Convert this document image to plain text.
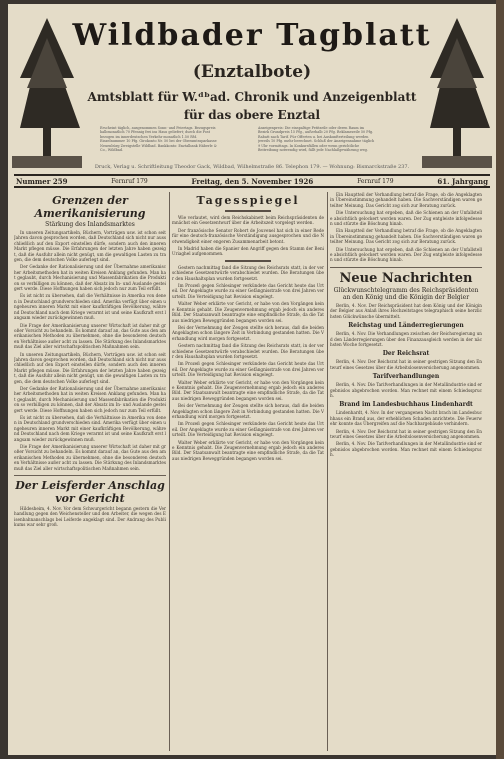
Wildbader Tagblatt
(Enztalbote)
Amtsblatt für W.ᵈᵇad. Chronik und Anzeigenblatt
für das obere Enztal
Erscheint täglich, ausgenommen Sonn- und Feiertags. Bezugspreis halbmonatlich 70 Pfennig frei ins Haus geliefert; durch die Post bezogen im innerdeutschen Verkehr monatlich 1.50 RM. Einzelnummer 10 Pfg. Girokonto Nr. 50 bei der Oberamtssparkasse Neuenbürg Zweigstelle Wildbad. Bankkonto: Enztalbank Häberle & Co., Wildbad.
Anzeigenpreis: Die einspaltige Petitzeile oder deren Raum im Bezirk Grundpreis 15 Pfg., außerhalb 20 Pfg. Reklamezeile 50 Pfg. Rabatt nach Tarif. Für Offerten u. bei Auskunfterteilung werden jeweils 10 Pfg. mehr berechnet. Schluß der Anzeigennahme täglich 9 Uhr vormittags. In Konkursfällen oder wenn gerichtliche Beitreibung notwendig wird, fällt jede Nachlaßgewährung weg.
Druck, Verlag u. Schriftleitung Theodor Gack, Wildbad, Wilhelmstraße 86. Telephon 179. — Wohnung: Bismarckstraße 237.
Nummer 259	Fernruf 179	Freitag, den 5. November 1926	Fernruf 179	61. Jahrgang
Grenzen der Amerikanisierung
Stärkung des Inlandsmarktes

In unseren Zeitungsartikeln, Büchern, Vorträgen usw. ist schon seit Jahren davon gesprochen worden, daß Deutschland sich nicht nur ausschließlich auf den Export einstellen dürfe, sondern auch den inneren Markt pflegen müsse. Die Erfahrungen der letzten Jahre haben gezeigt, daß die Ausfuhr allein nicht genügt, um die gewaltigen Lasten zu tragen, die dem deutschen Volke auferlegt sind.

Der Gedanke der Rationalisierung und der Übernahme amerikanischer Arbeitsmethoden hat in weiten Kreisen Anklang gefunden. Man hat geglaubt, durch Mechanisierung und Massenfabrikation die Produktion so verbilligen zu können, daß der Absatz im In- und Auslande gesteigert werde. Diese Hoffnungen haben sich jedoch nur zum Teil erfüllt.

Es ist nicht zu übersehen, daß die Verhältnisse in Amerika von denen in Deutschland grundverschieden sind. Amerika verfügt über einen ungeheuren inneren Markt mit einer kaufkräftigen Bevölkerung, während Deutschland nach dem Kriege verarmt ist und seine Kaufkraft erst langsam wieder zurückgewinnen muß.

Die Frage der Amerikanisierung unserer Wirtschaft ist daher mit großer Vorsicht zu behandeln. Es kommt darauf an, das Gute aus den amerikanischen Methoden zu übernehmen, ohne die besonderen deutschen Verhältnisse außer acht zu lassen. Die Stärkung des Inlandsmarktes muß das Ziel aller wirtschaftspolitischen Maßnahmen sein.

In unseren Zeitungsartikeln, Büchern, Vorträgen usw. ist schon seit Jahren davon gesprochen worden, daß Deutschland sich nicht nur ausschließlich auf den Export einstellen dürfe, sondern auch den inneren Markt pflegen müsse. Die Erfahrungen der letzten Jahre haben gezeigt, daß die Ausfuhr allein nicht genügt, um die gewaltigen Lasten zu tragen, die dem deutschen Volke auferlegt sind.

Der Gedanke der Rationalisierung und der Übernahme amerikanischer Arbeitsmethoden hat in weiten Kreisen Anklang gefunden. Man hat geglaubt, durch Mechanisierung und Massenfabrikation die Produktion so verbilligen zu können, daß der Absatz im In- und Auslande gesteigert werde. Diese Hoffnungen haben sich jedoch nur zum Teil erfüllt.

Es ist nicht zu übersehen, daß die Verhältnisse in Amerika von denen in Deutschland grundverschieden sind. Amerika verfügt über einen ungeheuren inneren Markt mit einer kaufkräftigen Bevölkerung, während Deutschland nach dem Kriege verarmt ist und seine Kaufkraft erst langsam wieder zurückgewinnen muß.

Die Frage der Amerikanisierung unserer Wirtschaft ist daher mit großer Vorsicht zu behandeln. Es kommt darauf an, das Gute aus den amerikanischen Methoden zu übernehmen, ohne die besonderen deutschen Verhältnisse außer acht zu lassen. Die Stärkung des Inlandsmarktes muß das Ziel aller wirtschaftspolitischen Maßnahmen sein.

Der Leisferder Anschlag vor Gericht

Hildesheim, 4. Nov. Vor dem Schwurgericht begann gestern die Verhandlung gegen den Weichensteller und den Arbeiter, die wegen des Eisenbahnanschlags bei Leiferde angeklagt sind. Der Andrang des Publikums war sehr groß.

Tagesspiegel

Wie verlautet, wird dem Reichskabinett beim Reichspräsidenten demnächst ein Gesetzentwurf über die Arbeitszeit vorgelegt werden.

Der französische Senator Robert de Jouvenel hat sich in einer Rede für eine deutsch-französische Verständigung ausgesprochen und die Notwendigkeit einer engeren Zusammenarbeit betont.

In Madrid haben die Spanier den Angriff gegen den Stamm der Beni Uriaghel aufgenommen.

Gestern nachmittag fand die Sitzung des Reichsrats statt, in der verschiedene Gesetzentwürfe verabschiedet wurden. Die Beratungen über den Haushaltsplan wurden fortgesetzt.

Im Prozeß gegen Schlesinger verkündete das Gericht heute das Urteil. Der Angeklagte wurde zu einer Gefängnisstrafe von drei Jahren verurteilt. Die Verteidigung hat Revision eingelegt.

Walter Weber erklärte vor Gericht, er habe von den Vorgängen keine Kenntnis gehabt. Die Zeugenvernehmung ergab jedoch ein anderes Bild. Der Staatsanwalt beantragte eine empfindliche Strafe, da die Tat aus niedrigen Beweggründen begangen worden sei.

Bei der Vernehmung der Zeugen stellte sich heraus, daß die beiden Angeklagten schon längere Zeit in Verbindung gestanden hatten. Die Verhandlung wird morgen fortgesetzt.

Gestern nachmittag fand die Sitzung des Reichsrats statt, in der verschiedene Gesetzentwürfe verabschiedet wurden. Die Beratungen über den Haushaltsplan wurden fortgesetzt.

Im Prozeß gegen Schlesinger verkündete das Gericht heute das Urteil. Der Angeklagte wurde zu einer Gefängnisstrafe von drei Jahren verurteilt. Die Verteidigung hat Revision eingelegt.

Walter Weber erklärte vor Gericht, er habe von den Vorgängen keine Kenntnis gehabt. Die Zeugenvernehmung ergab jedoch ein anderes Bild. Der Staatsanwalt beantragte eine empfindliche Strafe, da die Tat aus niedrigen Beweggründen begangen worden sei.

Bei der Vernehmung der Zeugen stellte sich heraus, daß die beiden Angeklagten schon längere Zeit in Verbindung gestanden hatten. Die Verhandlung wird morgen fortgesetzt.

Im Prozeß gegen Schlesinger verkündete das Gericht heute das Urteil. Der Angeklagte wurde zu einer Gefängnisstrafe von drei Jahren verurteilt. Die Verteidigung hat Revision eingelegt.

Walter Weber erklärte vor Gericht, er habe von den Vorgängen keine Kenntnis gehabt. Die Zeugenvernehmung ergab jedoch ein anderes Bild. Der Staatsanwalt beantragte eine empfindliche Strafe, da die Tat aus niedrigen Beweggründen begangen worden sei.

Ein Hauptteil der Verhandlung betraf die Frage, ob die Angeklagten in Übereinstimmung gehandelt haben. Die Sachverständigen waren geteilter Meinung. Das Gericht zog sich zur Beratung zurück.

Die Untersuchung hat ergeben, daß die Schienen an der Unfallstelle absichtlich gelockert worden waren. Der Zug entgleiste infolgedessen und stürzte die Böschung hinab.

Ein Hauptteil der Verhandlung betraf die Frage, ob die Angeklagten in Übereinstimmung gehandelt haben. Die Sachverständigen waren geteilter Meinung. Das Gericht zog sich zur Beratung zurück.

Die Untersuchung hat ergeben, daß die Schienen an der Unfallstelle absichtlich gelockert worden waren. Der Zug entgleiste infolgedessen und stürzte die Böschung hinab.

Neue Nachrichten
Glückwunschtelegramm des Reichspräsidenten an den König und die Königin der Belgier

Berlin, 4. Nov. Der Reichspräsident hat dem König und der Königin der Belgier aus Anlaß ihres Hochzeitstages telegraphisch seine herzlichsten Glückwünsche übermittelt.

Reichstag und Länderregierungen

Berlin, 4. Nov. Die Verhandlungen zwischen der Reichsregierung und den Länderregierungen über den Finanzausgleich werden in der nächsten Woche fortgesetzt.

Der Reichsrat

Berlin, 4. Nov. Der Reichsrat hat in seiner gestrigen Sitzung den Entwurf eines Gesetzes über die Arbeitslosenversicherung angenommen.

Tarifverhandlungen

Berlin, 4. Nov. Die Tarifverhandlungen in der Metallindustrie sind ergebnislos abgebrochen worden. Man rechnet mit einem Schiedsspruch.

Brand im Landesbuchhaus Lindenhardt

Lindenhardt, 4. Nov. In der vergangenen Nacht brach im Landesbuchhaus ein Brand aus, der erheblichen Schaden anrichtete. Die Feuerwehr konnte das Übergreifen auf die Nachbargebäude verhindern.

Berlin, 4. Nov. Der Reichsrat hat in seiner gestrigen Sitzung den Entwurf eines Gesetzes über die Arbeitslosenversicherung angenommen.

Berlin, 4. Nov. Die Tarifverhandlungen in der Metallindustrie sind ergebnislos abgebrochen worden. Man rechnet mit einem Schiedsspruch.
